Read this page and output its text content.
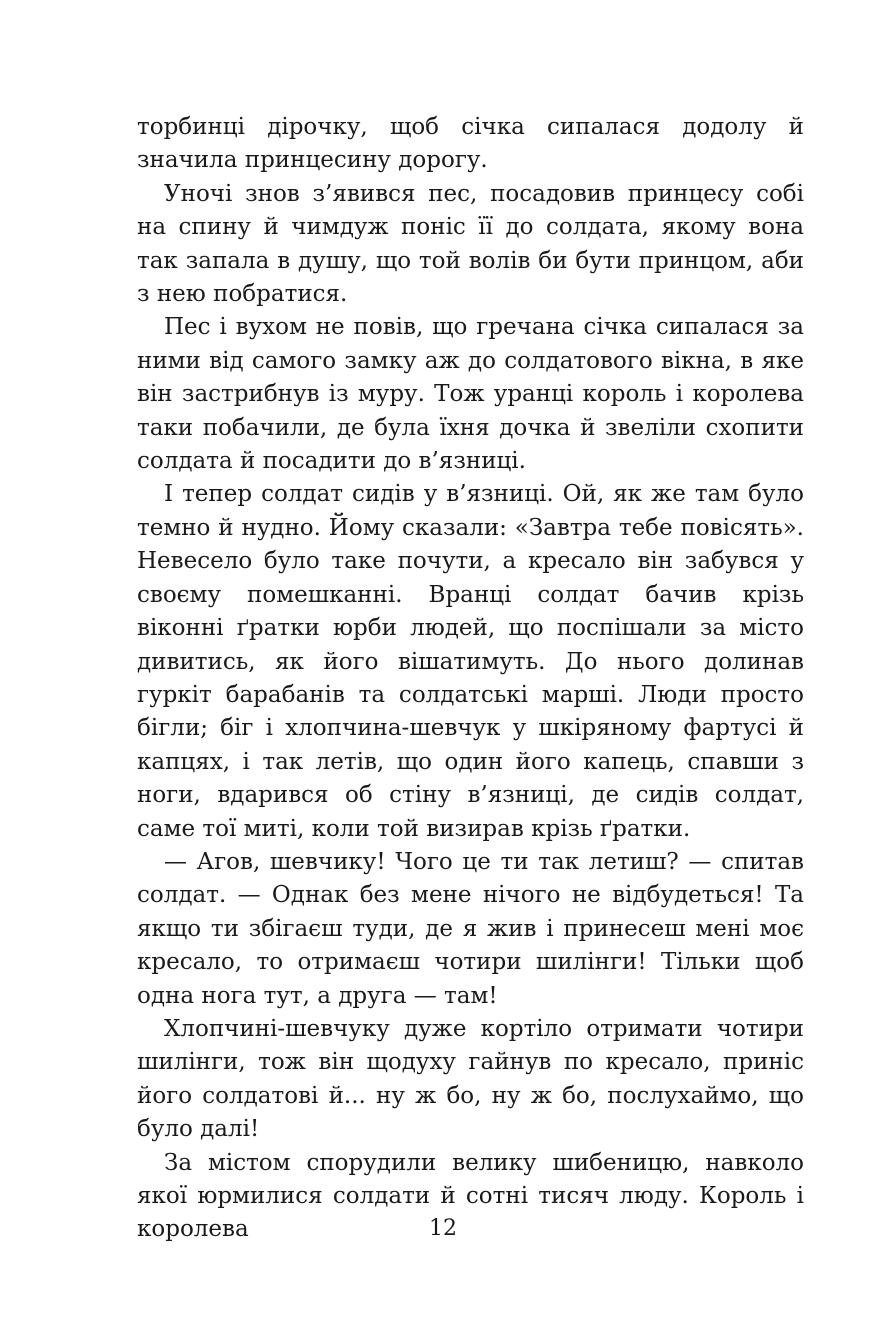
торбинці дірочку, щоб січка сипалася додолу й значила принцесину дорогу.

Уночі знов з’явився пес, посадовив принцесу собі на спину й чимдуж поніс її до солдата, якому вона так запала в душу, що той волів би бути принцом, аби з нею побратися.

Пес і вухом не повів, що гречана січка сипалася за ними від самого замку аж до солдатового вікна, в яке він застрибнув із муру. Тож уранці король і королева таки побачили, де була їхня дочка й звеліли схопити солдата й посадити до в’язниці.

І тепер солдат сидів у в’язниці. Ой, як же там було темно й нудно. Йому сказали: «Завтра тебе повісять». Невесело було таке почути, а кресало він забувся у своєму помешканні. Вранці солдат бачив крізь віконні ґратки юрби людей, що поспішали за місто дивитись, як його вішатимуть. До нього долинав гуркіт барабанів та солдатські марші. Люди просто бігли; біг і хлопчина-шевчук у шкіряному фартусі й капцях, і так летів, що один його капець, спавши з ноги, вдарився об стіну в’язниці, де сидів солдат, саме тої миті, коли той визирав крізь ґратки.

— Агов, шевчику! Чого це ти так летиш? — спитав солдат. — Однак без мене нічого не відбудеться! Та якщо ти збігаєш туди, де я жив і принесеш мені моє кресало, то отримаєш чотири шилінги! Тільки щоб одна нога тут, а друга — там!

Хлопчині-шевчуку дуже кортіло отримати чотири шилінги, тож він щодуху гайнув по кресало, приніс його солдатові й... ну ж бо, ну ж бо, послухаймо, що було далі!

За містом спорудили велику шибеницю, навколо якої юрмилися солдати й сотні тисяч люду. Король і королева	12
